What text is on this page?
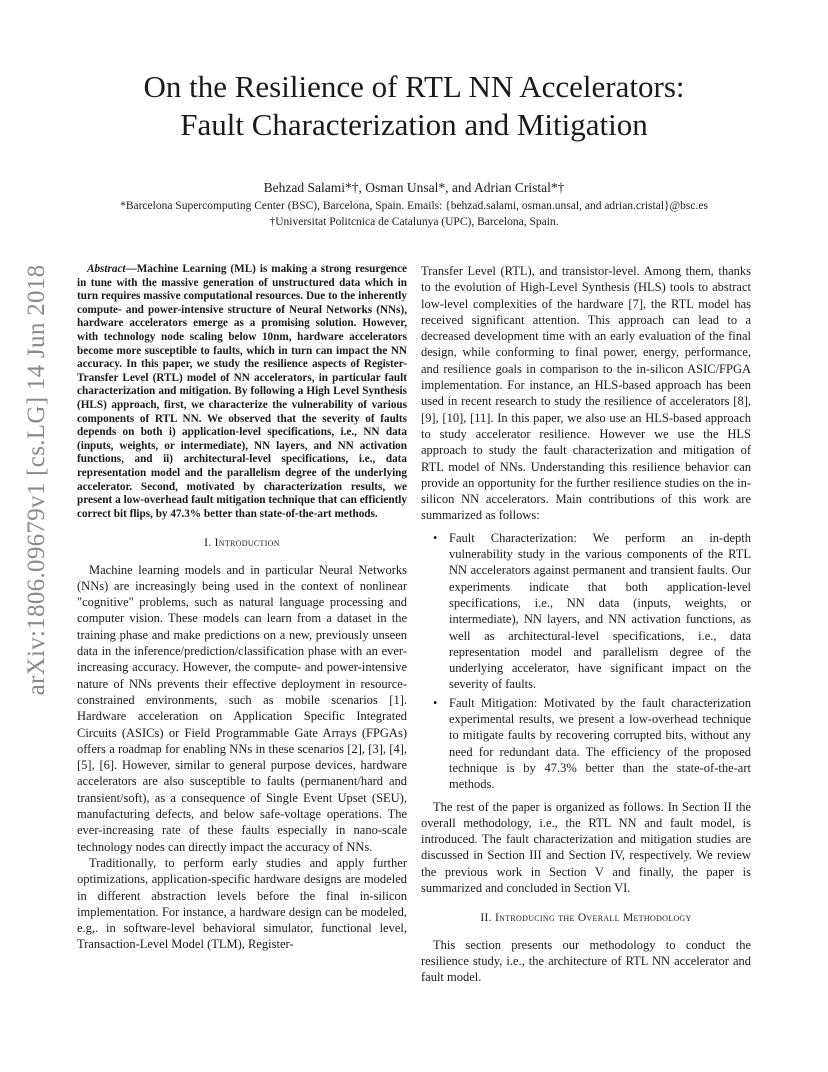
arXiv:1806.09679v1 [cs.LG] 14 Jun 2018
On the Resilience of RTL NN Accelerators:
Fault Characterization and Mitigation
Behzad Salami*†, Osman Unsal*, and Adrian Cristal*†
*Barcelona Supercomputing Center (BSC), Barcelona, Spain. Emails: {behzad.salami, osman.unsal, and adrian.cristal}@bsc.es
†Universitat Politcnica de Catalunya (UPC), Barcelona, Spain.

Abstract—Machine Learning (ML) is making a strong resurgence in tune with the massive generation of unstructured data which in turn requires massive computational resources. Due to the inherently compute- and power-intensive structure of Neural Networks (NNs), hardware accelerators emerge as a promising solution. However, with technology node scaling below 10nm, hardware accelerators become more susceptible to faults, which in turn can impact the NN accuracy. In this paper, we study the resilience aspects of Register-Transfer Level (RTL) model of NN accelerators, in particular fault characterization and mitigation. By following a High Level Synthesis (HLS) approach, first, we characterize the vulnerability of various components of RTL NN. We observed that the severity of faults depends on both i) application-level specifications, i.e., NN data (inputs, weights, or intermediate), NN layers, and NN activation functions, and ii) architectural-level specifications, i.e., data representation model and the parallelism degree of the underlying accelerator. Second, motivated by characterization results, we present a low-overhead fault mitigation technique that can efficiently correct bit flips, by 47.3% better than state-of-the-art methods.

I. Introduction

Machine learning models and in particular Neural Networks (NNs) are increasingly being used in the context of nonlinear "cognitive" problems, such as natural language processing and computer vision. These models can learn from a dataset in the training phase and make predictions on a new, previously unseen data in the inference/prediction/classification phase with an ever-increasing accuracy. However, the compute- and power-intensive nature of NNs prevents their effective deployment in resource-constrained environments, such as mobile scenarios [1]. Hardware acceleration on Application Specific Integrated Circuits (ASICs) or Field Programmable Gate Arrays (FPGAs) offers a roadmap for enabling NNs in these scenarios [2], [3], [4], [5], [6]. However, similar to general purpose devices, hardware accelerators are also susceptible to faults (permanent/hard and transient/soft), as a consequence of Single Event Upset (SEU), manufacturing defects, and below safe-voltage operations. The ever-increasing rate of these faults especially in nano-scale technology nodes can directly impact the accuracy of NNs.

Traditionally, to perform early studies and apply further optimizations, application-specific hardware designs are modeled in different abstraction levels before the final in-silicon implementation. For instance, a hardware design can be modeled, e.g,. in software-level behavioral simulator, functional level, Transaction-Level Model (TLM), Register-

Transfer Level (RTL), and transistor-level. Among them, thanks to the evolution of High-Level Synthesis (HLS) tools to abstract low-level complexities of the hardware [7], the RTL model has received significant attention. This approach can lead to a decreased development time with an early evaluation of the final design, while conforming to final power, energy, performance, and resilience goals in comparison to the in-silicon ASIC/FPGA implementation. For instance, an HLS-based approach has been used in recent research to study the resilience of accelerators [8], [9], [10], [11]. In this paper, we also use an HLS-based approach to study accelerator resilience. However we use the HLS approach to study the fault characterization and mitigation of RTL model of NNs. Understanding this resilience behavior can provide an opportunity for the further resilience studies on the in-silicon NN accelerators. Main contributions of this work are summarized as follows:

• Fault Characterization: We perform an in-depth vulnerability study in the various components of the RTL NN accelerators against permanent and transient faults. Our experiments indicate that both application-level specifications, i.e., NN data (inputs, weights, or intermediate), NN layers, and NN activation functions, as well as architectural-level specifications, i.e., data representation model and parallelism degree of the underlying accelerator, have significant impact on the severity of faults.
• Fault Mitigation: Motivated by the fault characterization experimental results, we present a low-overhead technique to mitigate faults by recovering corrupted bits, without any need for redundant data. The efficiency of the proposed technique is by 47.3% better than the state-of-the-art methods.

The rest of the paper is organized as follows. In Section II the overall methodology, i.e., the RTL NN and fault model, is introduced. The fault characterization and mitigation studies are discussed in Section III and Section IV, respectively. We review the previous work in Section V and finally, the paper is summarized and concluded in Section VI.

II. Introducing the Overall Methodology

This section presents our methodology to conduct the resilience study, i.e., the architecture of RTL NN accelerator and fault model.
